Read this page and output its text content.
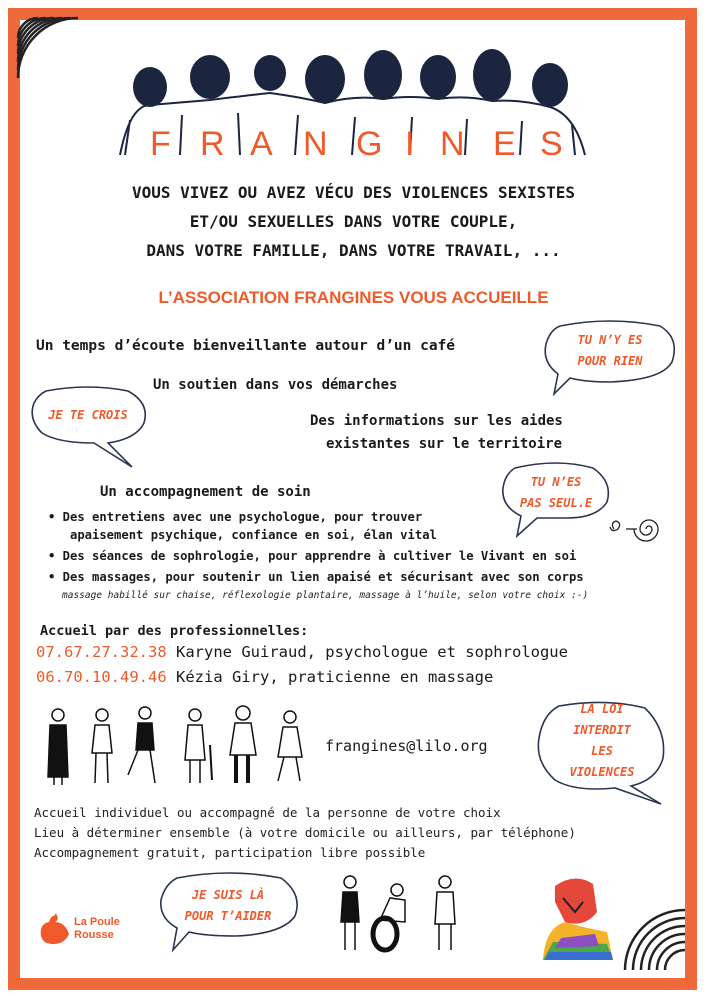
F R A N G I N E S
VOUS VIVEZ OU AVEZ VÉCU DES VIOLENCES SEXISTES
ET/OU SEXUELLES DANS VOTRE COUPLE,
DANS VOTRE FAMILLE, DANS VOTRE TRAVAIL, ...
L’ASSOCIATION FRANGINES VOUS ACCUEILLE
Un temps d’écoute bienveillante autour d’un café
Un soutien dans vos démarches
Des informations sur les aides
existantes sur le territoire
Un accompagnement de soin
• Des entretiens avec une psychologue, pour trouver
apaisement psychique, confiance en soi, élan vital
• Des séances de sophrologie, pour apprendre à cultiver le Vivant en soi
• Des massages, pour soutenir un lien apaisé et sécurisant avec son corps
massage habillé sur chaise, réflexologie plantaire, massage à l’huile, selon votre choix :-)
Accueil par des professionnelles:
07.67.27.32.38 Karyne Guiraud, psychologue et sophrologue
06.70.10.49.46 Kézia Giry, praticienne en massage
frangines@lilo.org
Accueil individuel ou accompagné de la personne de votre choix
Lieu à déterminer ensemble (à votre domicile ou ailleurs, par téléphone)
Accompagnement gratuit, participation libre possible
TU N’Y ES
POUR RIEN
JE TE CROIS
TU N’ES
PAS SEUL.E
LA LOI
INTERDIT
LES
VIOLENCES
JE SUIS LÀ
POUR T’AIDER
La Poule
Rousse
